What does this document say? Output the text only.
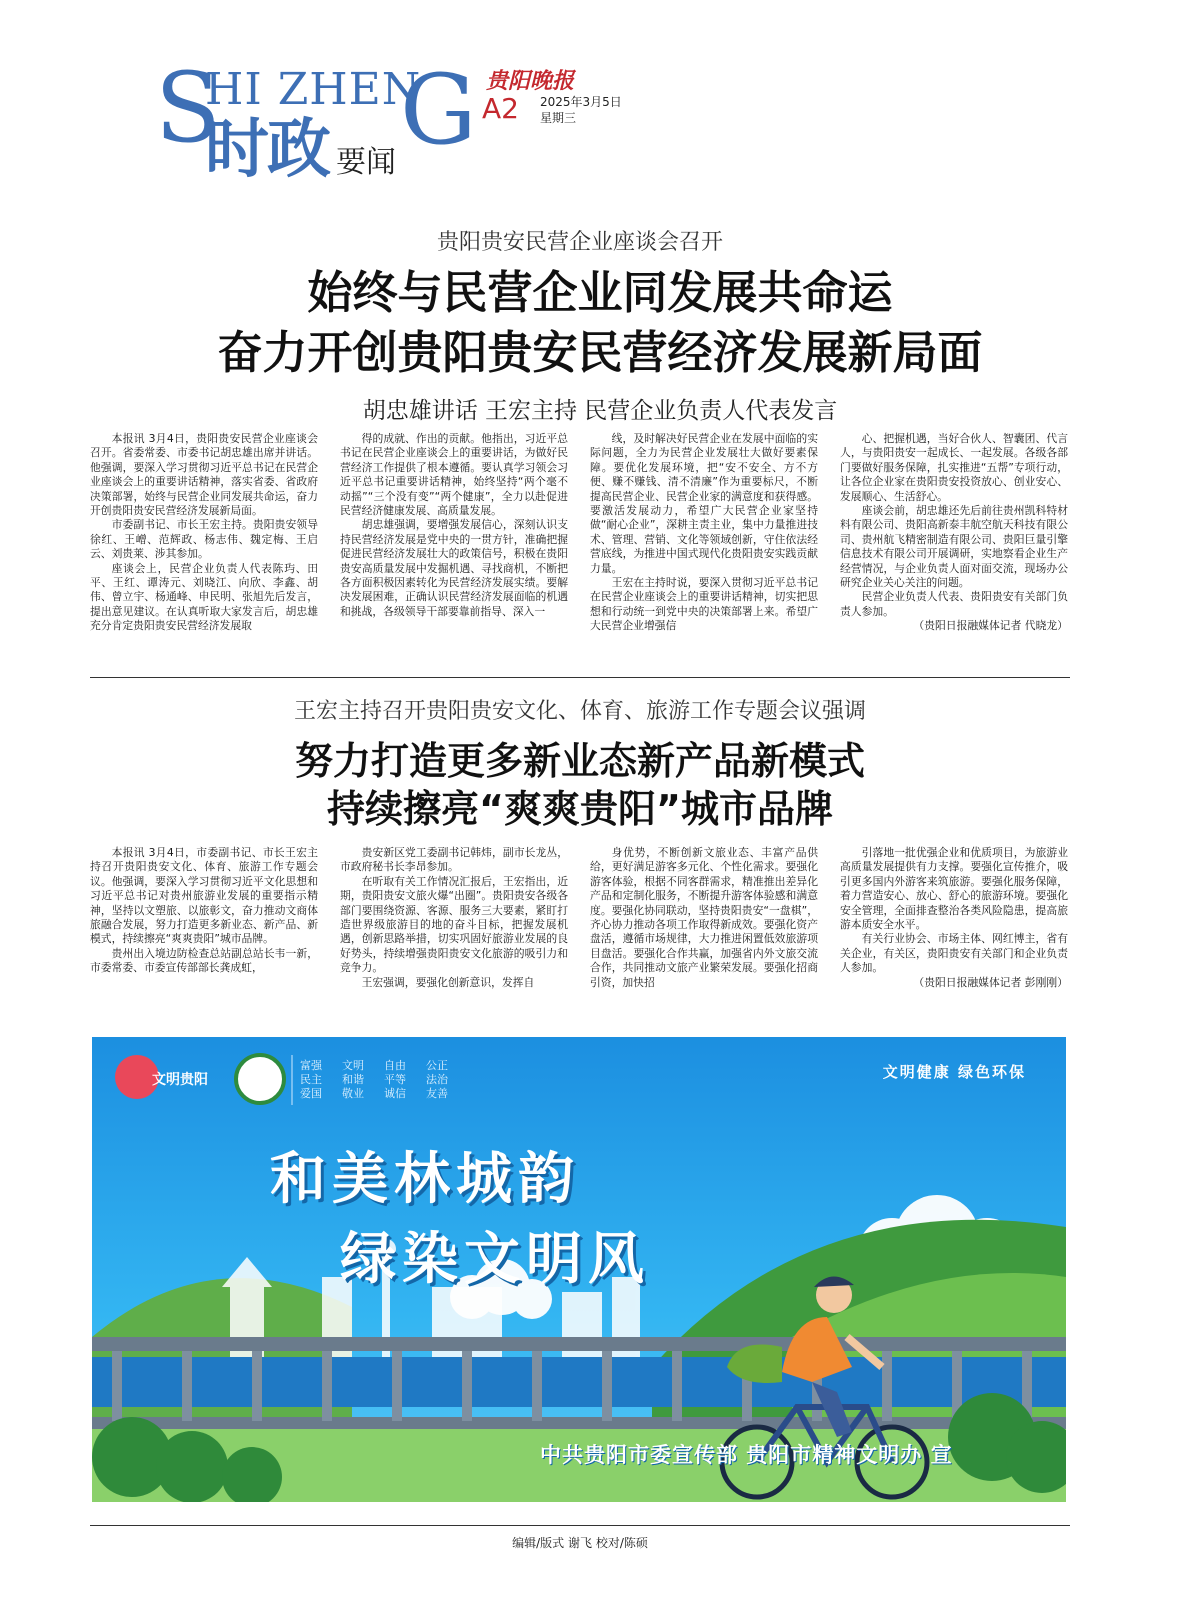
S
HI ZHEN
G
时政 要闻
贵阳晚报
A2 2025年3月5日
星期三
贵阳贵安民营企业座谈会召开
始终与民营企业同发展共命运
奋力开创贵阳贵安民营经济发展新局面
胡忠雄讲话 王宏主持 民营企业负责人代表发言

本报讯 3月4日，贵阳贵安民营企业座谈会召开。省委常委、市委书记胡忠雄出席并讲话。他强调，要深入学习贯彻习近平总书记在民营企业座谈会上的重要讲话精神，落实省委、省政府决策部署，始终与民营企业同发展共命运，奋力开创贵阳贵安民营经济发展新局面。

市委副书记、市长王宏主持。贵阳贵安领导徐红、王嶒、范辉政、杨志伟、魏定梅、王启云、刘贵莱、涉其参加。

座谈会上，民营企业负责人代表陈玙、田平、王红、谭涛元、刘晓江、向欣、李鑫、胡伟、曾立宇、杨通峰、申民明、张旭先后发言，提出意见建议。在认真听取大家发言后，胡忠雄充分肯定贵阳贵安民营经济发展取

得的成就、作出的贡献。他指出，习近平总书记在民营企业座谈会上的重要讲话，为做好民营经济工作提供了根本遵循。要认真学习领会习近平总书记重要讲话精神，始终坚持“两个毫不动摇”“三个没有变”“两个健康”，全力以赴促进民营经济健康发展、高质量发展。

胡忠雄强调，要增强发展信心，深刻认识支持民营经济发展是党中央的一贯方针，准确把握促进民营经济发展壮大的政策信号，积极在贵阳贵安高质量发展中发掘机遇、寻找商机，不断把各方面积极因素转化为民营经济发展实绩。要解决发展困难，正确认识民营经济发展面临的机遇和挑战，各级领导干部要靠前指导、深入一

线，及时解决好民营企业在发展中面临的实际问题，全力为民营企业发展壮大做好要素保障。要优化发展环境，把“安不安全、方不方便、赚不赚钱、清不清廉”作为重要标尺，不断提高民营企业、民营企业家的满意度和获得感。要激活发展动力，希望广大民营企业家坚持做“耐心企业”，深耕主责主业，集中力量推进技术、管理、营销、文化等领域创新，守住依法经营底线，为推进中国式现代化贵阳贵安实践贡献力量。

王宏在主持时说，要深入贯彻习近平总书记在民营企业座谈会上的重要讲话精神，切实把思想和行动统一到党中央的决策部署上来。希望广大民营企业增强信

心、把握机遇，当好合伙人、智囊团、代言人，与贵阳贵安一起成长、一起发展。各级各部门要做好服务保障，扎实推进“五帮”专项行动，让各位企业家在贵阳贵安投资放心、创业安心、发展顺心、生活舒心。

座谈会前，胡忠雄还先后前往贵州凯科特材料有限公司、贵阳高新泰丰航空航天科技有限公司、贵州航飞精密制造有限公司、贵阳巨量引擎信息技术有限公司开展调研，实地察看企业生产经营情况，与企业负责人面对面交流，现场办公研究企业关心关注的问题。

民营企业负责人代表、贵阳贵安有关部门负责人参加。

（贵阳日报融媒体记者 代晓龙）
王宏主持召开贵阳贵安文化、体育、旅游工作专题会议强调
努力打造更多新业态新产品新模式
持续擦亮“爽爽贵阳”城市品牌

本报讯 3月4日，市委副书记、市长王宏主持召开贵阳贵安文化、体育、旅游工作专题会议。他强调，要深入学习贯彻习近平文化思想和习近平总书记对贵州旅游业发展的重要指示精神，坚持以文塑旅、以旅彰文，奋力推动文商体旅融合发展，努力打造更多新业态、新产品、新模式，持续擦亮“爽爽贵阳”城市品牌。

贵州出入境边防检查总站副总站长韦一新，市委常委、市委宣传部部长龚成虹，

贵安新区党工委副书记韩炜，副市长龙丛，市政府秘书长李昂参加。

在听取有关工作情况汇报后，王宏指出，近期，贵阳贵安文旅火爆“出圈”。贵阳贵安各级各部门要围绕资源、客源、服务三大要素，紧盯打造世界级旅游目的地的奋斗目标，把握发展机遇，创新思路举措，切实巩固好旅游业发展的良好势头，持续增强贵阳贵安文化旅游的吸引力和竞争力。

王宏强调，要强化创新意识，发挥自

身优势，不断创新文旅业态、丰富产品供给，更好满足游客多元化、个性化需求。要强化游客体验，根据不同客群需求，精准推出差异化产品和定制化服务，不断提升游客体验感和满意度。要强化协同联动，坚持贵阳贵安“一盘棋”，齐心协力推动各项工作取得新成效。要强化资产盘活，遵循市场规律，大力推进闲置低效旅游项目盘活。要强化合作共赢，加强省内外文旅交流合作，共同推动文旅产业繁荣发展。要强化招商引资，加快招

引落地一批优强企业和优质项目，为旅游业高质量发展提供有力支撑。要强化宣传推介，吸引更多国内外游客来筑旅游。要强化服务保障，着力营造安心、放心、舒心的旅游环境。要强化安全管理，全面排查整治各类风险隐患，提高旅游本质安全水平。

有关行业协会、市场主体、网红博主，省有关企业，有关区，贵阳贵安有关部门和企业负责人参加。

（贵阳日报融媒体记者 彭刚刚）
文明贵阳
富强	文明	自由	公正
民主	和谐	平等	法治
爱国	敬业	诚信	友善
文明健康 绿色环保
和美林城韵
绿染文明风
中共贵阳市委宣传部 贵阳市精神文明办 宣
编辑/版式 谢飞 校对/陈硕
